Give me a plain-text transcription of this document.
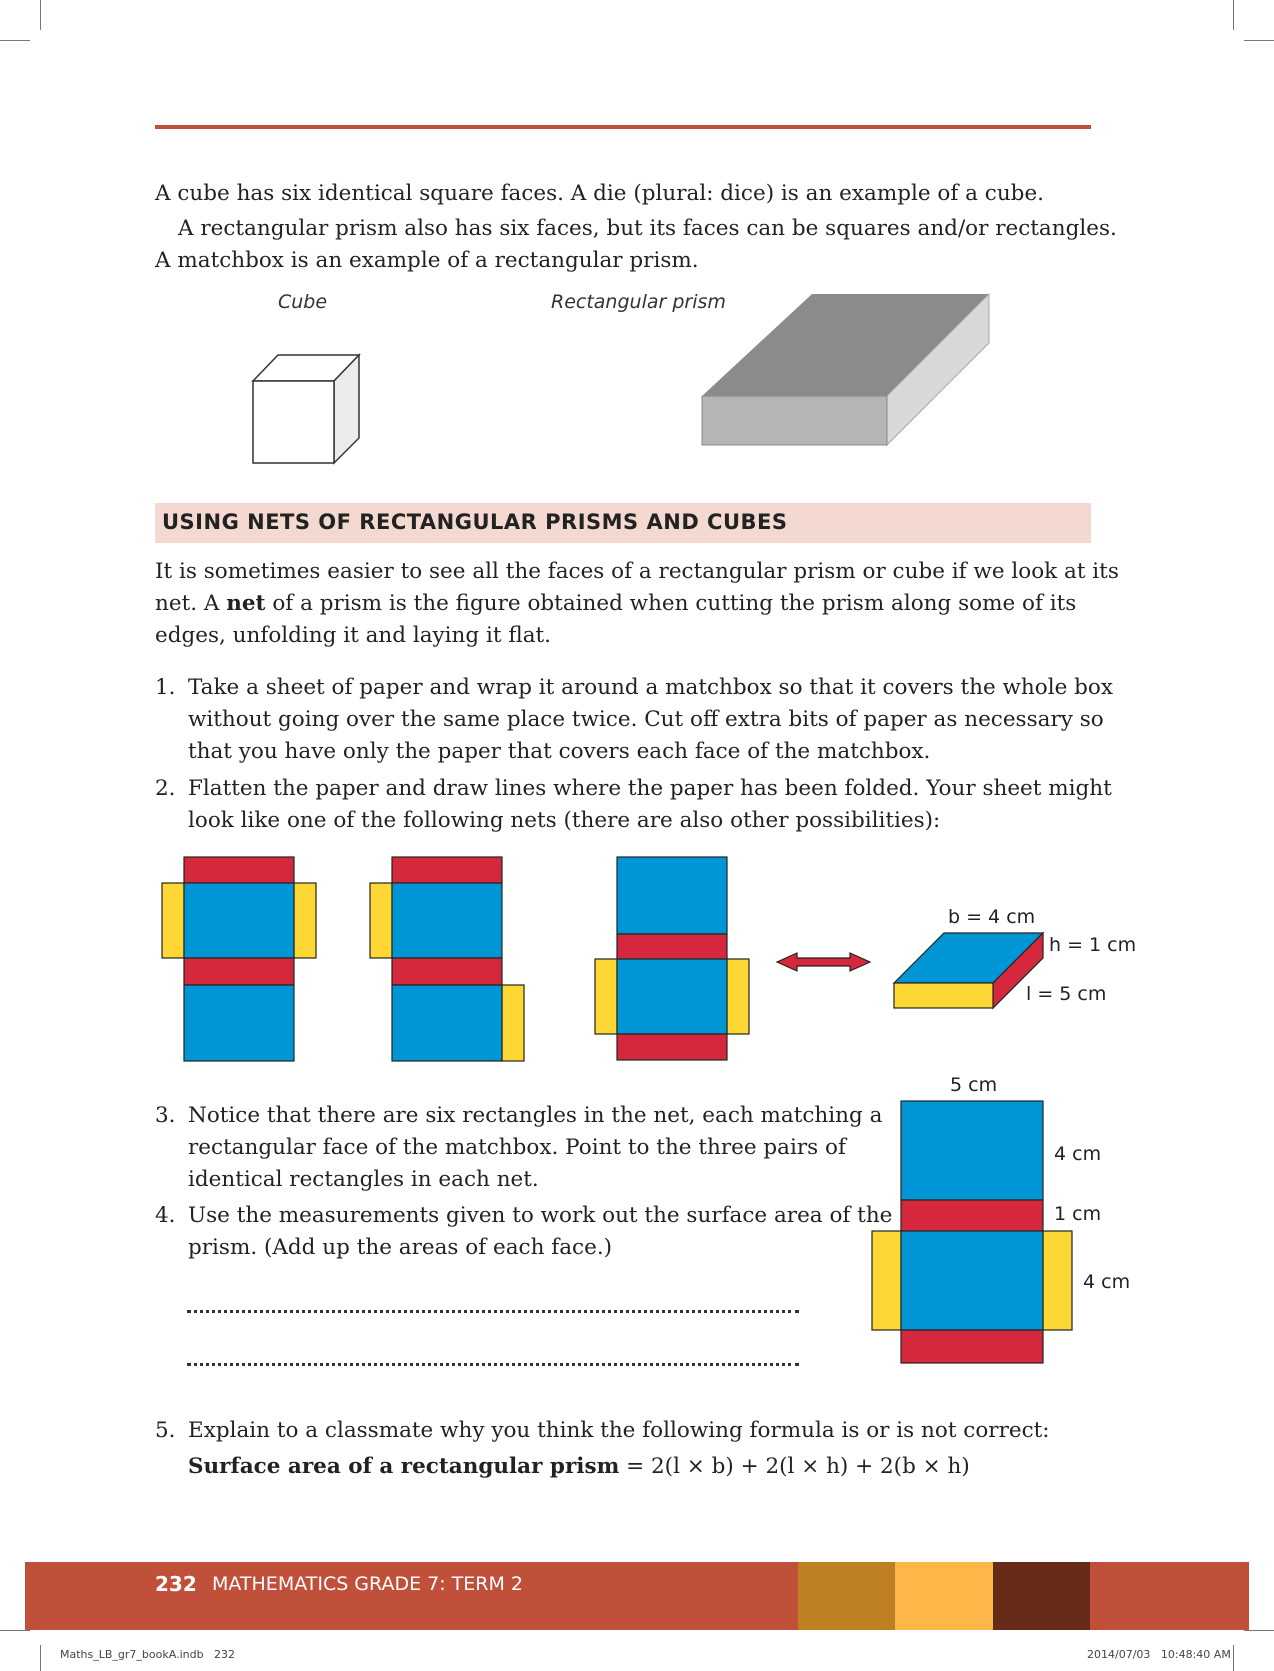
A cube has six identical square faces. A die (plural: dice) is an example of a cube.
A rectangular prism also has six faces, but its faces can be squares and/or rectangles.
A matchbox is an example of a rectangular prism.
Cube	Rectangular prism
USING NETS OF RECTANGULAR PRISMS AND CUBES
It is sometimes easier to see all the faces of a rectangular prism or cube if we look at its
net. A net of a prism is the figure obtained when cutting the prism along some of its
edges, unfolding it and laying it flat.
1. Take a sheet of paper and wrap it around a matchbox so that it covers the whole box
without going over the same place twice. Cut off extra bits of paper as necessary so
that you have only the paper that covers each face of the matchbox.
2. Flatten the paper and draw lines where the paper has been folded. Your sheet might
look like one of the following nets (there are also other possibilities):
b = 4 cm
h = 1 cm
l = 5 cm
5 cm
4 cm
1 cm
4 cm
3. Notice that there are six rectangles in the net, each matching a
rectangular face of the matchbox. Point to the three pairs of
identical rectangles in each net.
4. Use the measurements given to work out the surface area of the
prism. (Add up the areas of each face.)
5. Explain to a classmate why you think the following formula is or is not correct:
Surface area of a rectangular prism = 2(l × b) + 2(l × h) + 2(b × h)
232 MATHEMATICS GRADE 7: TERM 2
Maths_LB_gr7_bookA.indb   232	2014/07/03   10:48:40 AM
